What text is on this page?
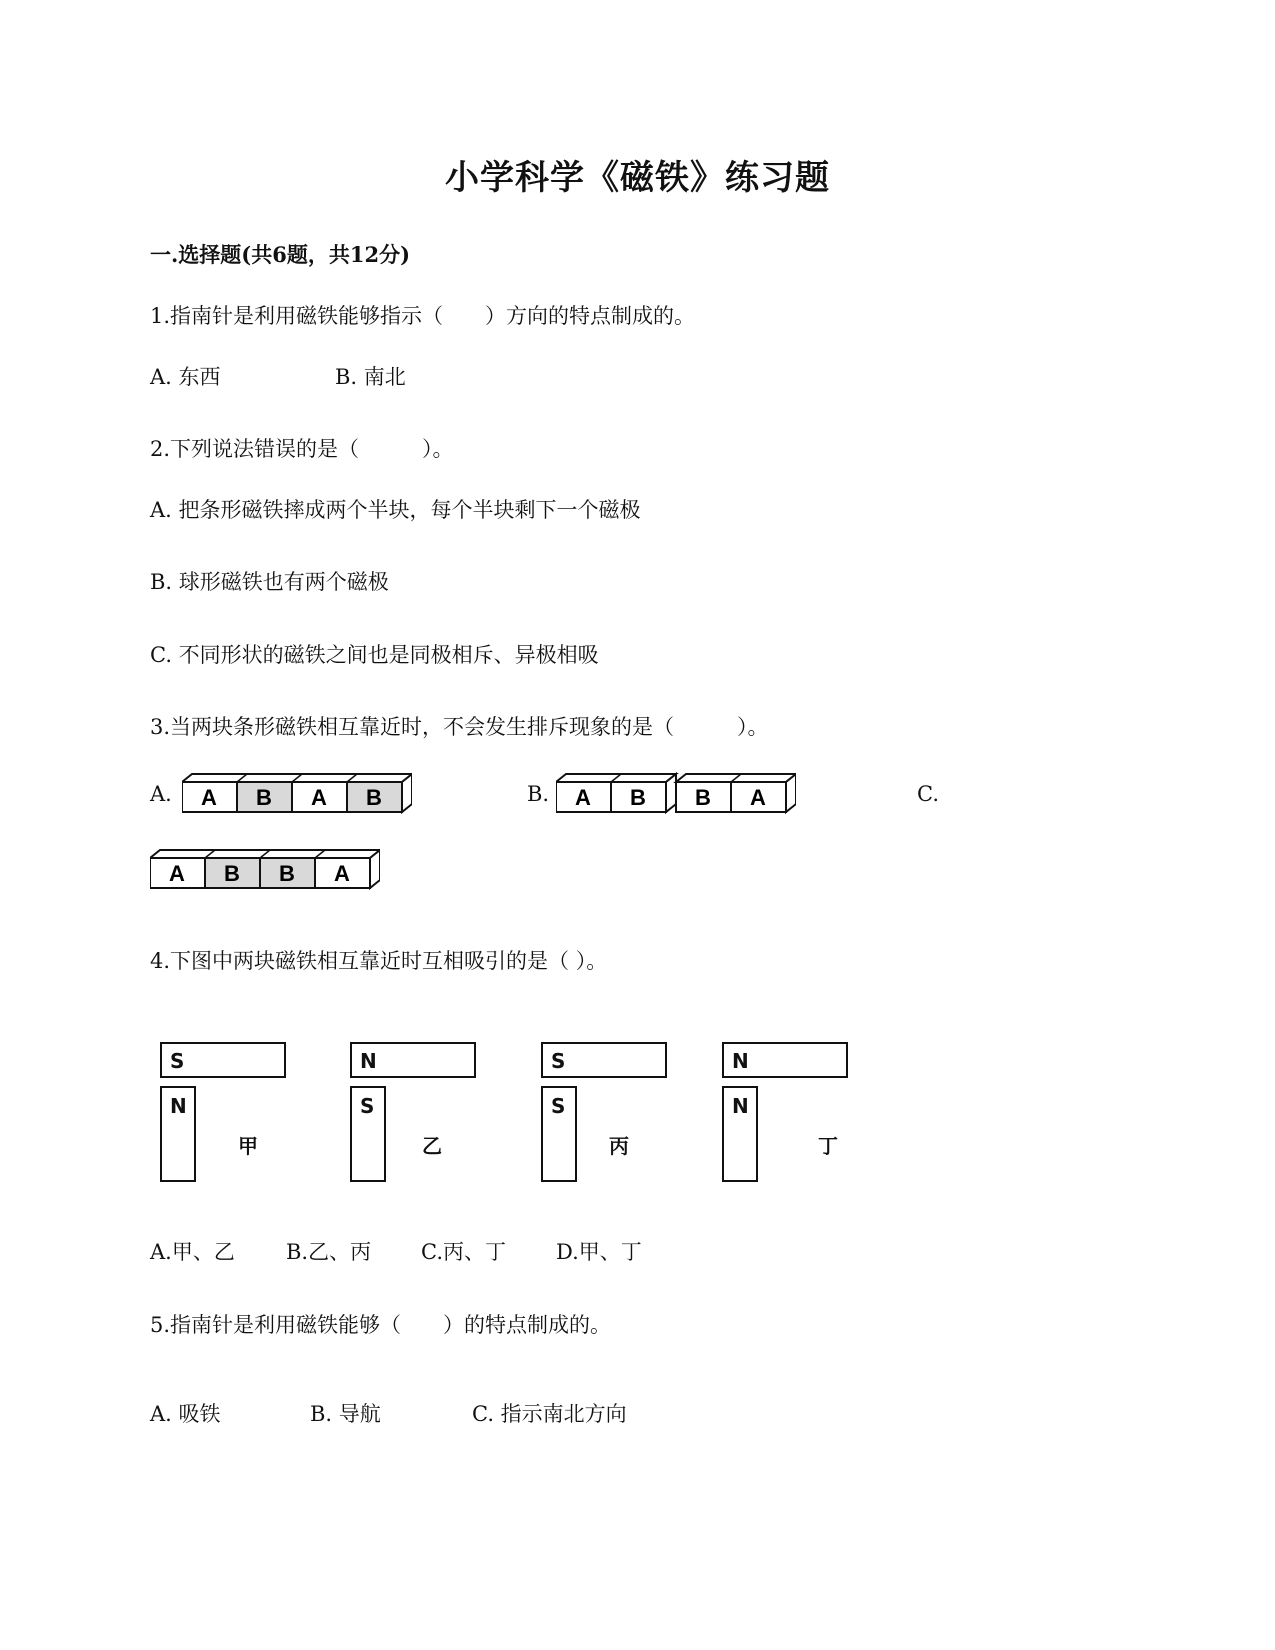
小学科学《磁铁》练习题
一.选择题(共6题，共12分)
1.指南针是利用磁铁能够指示（　　）方向的特点制成的。
A. 东西	B. 南北
2.下列说法错误的是（　　　）。
A. 把条形磁铁摔成两个半块，每个半块剩下一个磁极
B. 球形磁铁也有两个磁极
C. 不同形状的磁铁之间也是同极相斥、异极相吸
3.当两块条形磁铁相互靠近时，不会发生排斥现象的是（　　　）。
A. A B A B	B. A B B A	C.
A B B A
4.下图中两块磁铁相互靠近时互相吸引的是（ ）。
S
N
甲
N
S
乙
S
S
丙
N
N
丁
A.甲、乙 B.乙、丙 C.丙、丁 D.甲、丁
5.指南针是利用磁铁能够（　　）的特点制成的。
A. 吸铁	B. 导航	C. 指示南北方向
